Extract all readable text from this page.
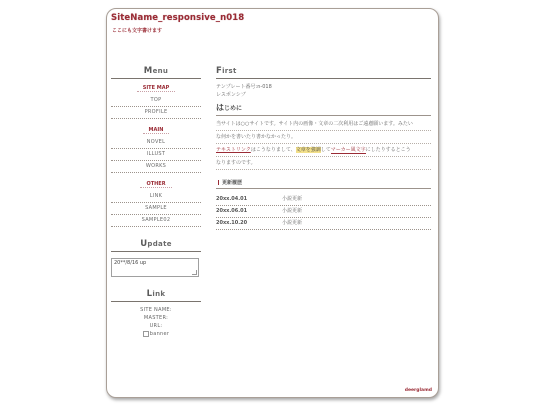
SiteName_responsive_n018
ここにも文字書けます
Menu
SITE MAP
TOP
PROFILE
MAIN
NOVEL
ILLUST
WORKS
OTHER
LINK
SAMPLE
SAMPLE02
Update
20**/8/16 up
Link
SITE NAME:
MASTER:
URL:
banner
First
テンプレート番号:n-018
レスポンシブ
はじめに
当サイトは○○サイトです。サイト内の画像・文章の二次利用はご遠慮願います。みたい
な何かを書いたり書かなかったり。
テキストリンクはこうなりまして、文章を強調してマーカー風文字にしたりするとこう
なりますのです。
更新履歴
20xx.04.01	小説更新
20xx.06.01	小説更新
20xx.10.20	小説更新
deerglamd
